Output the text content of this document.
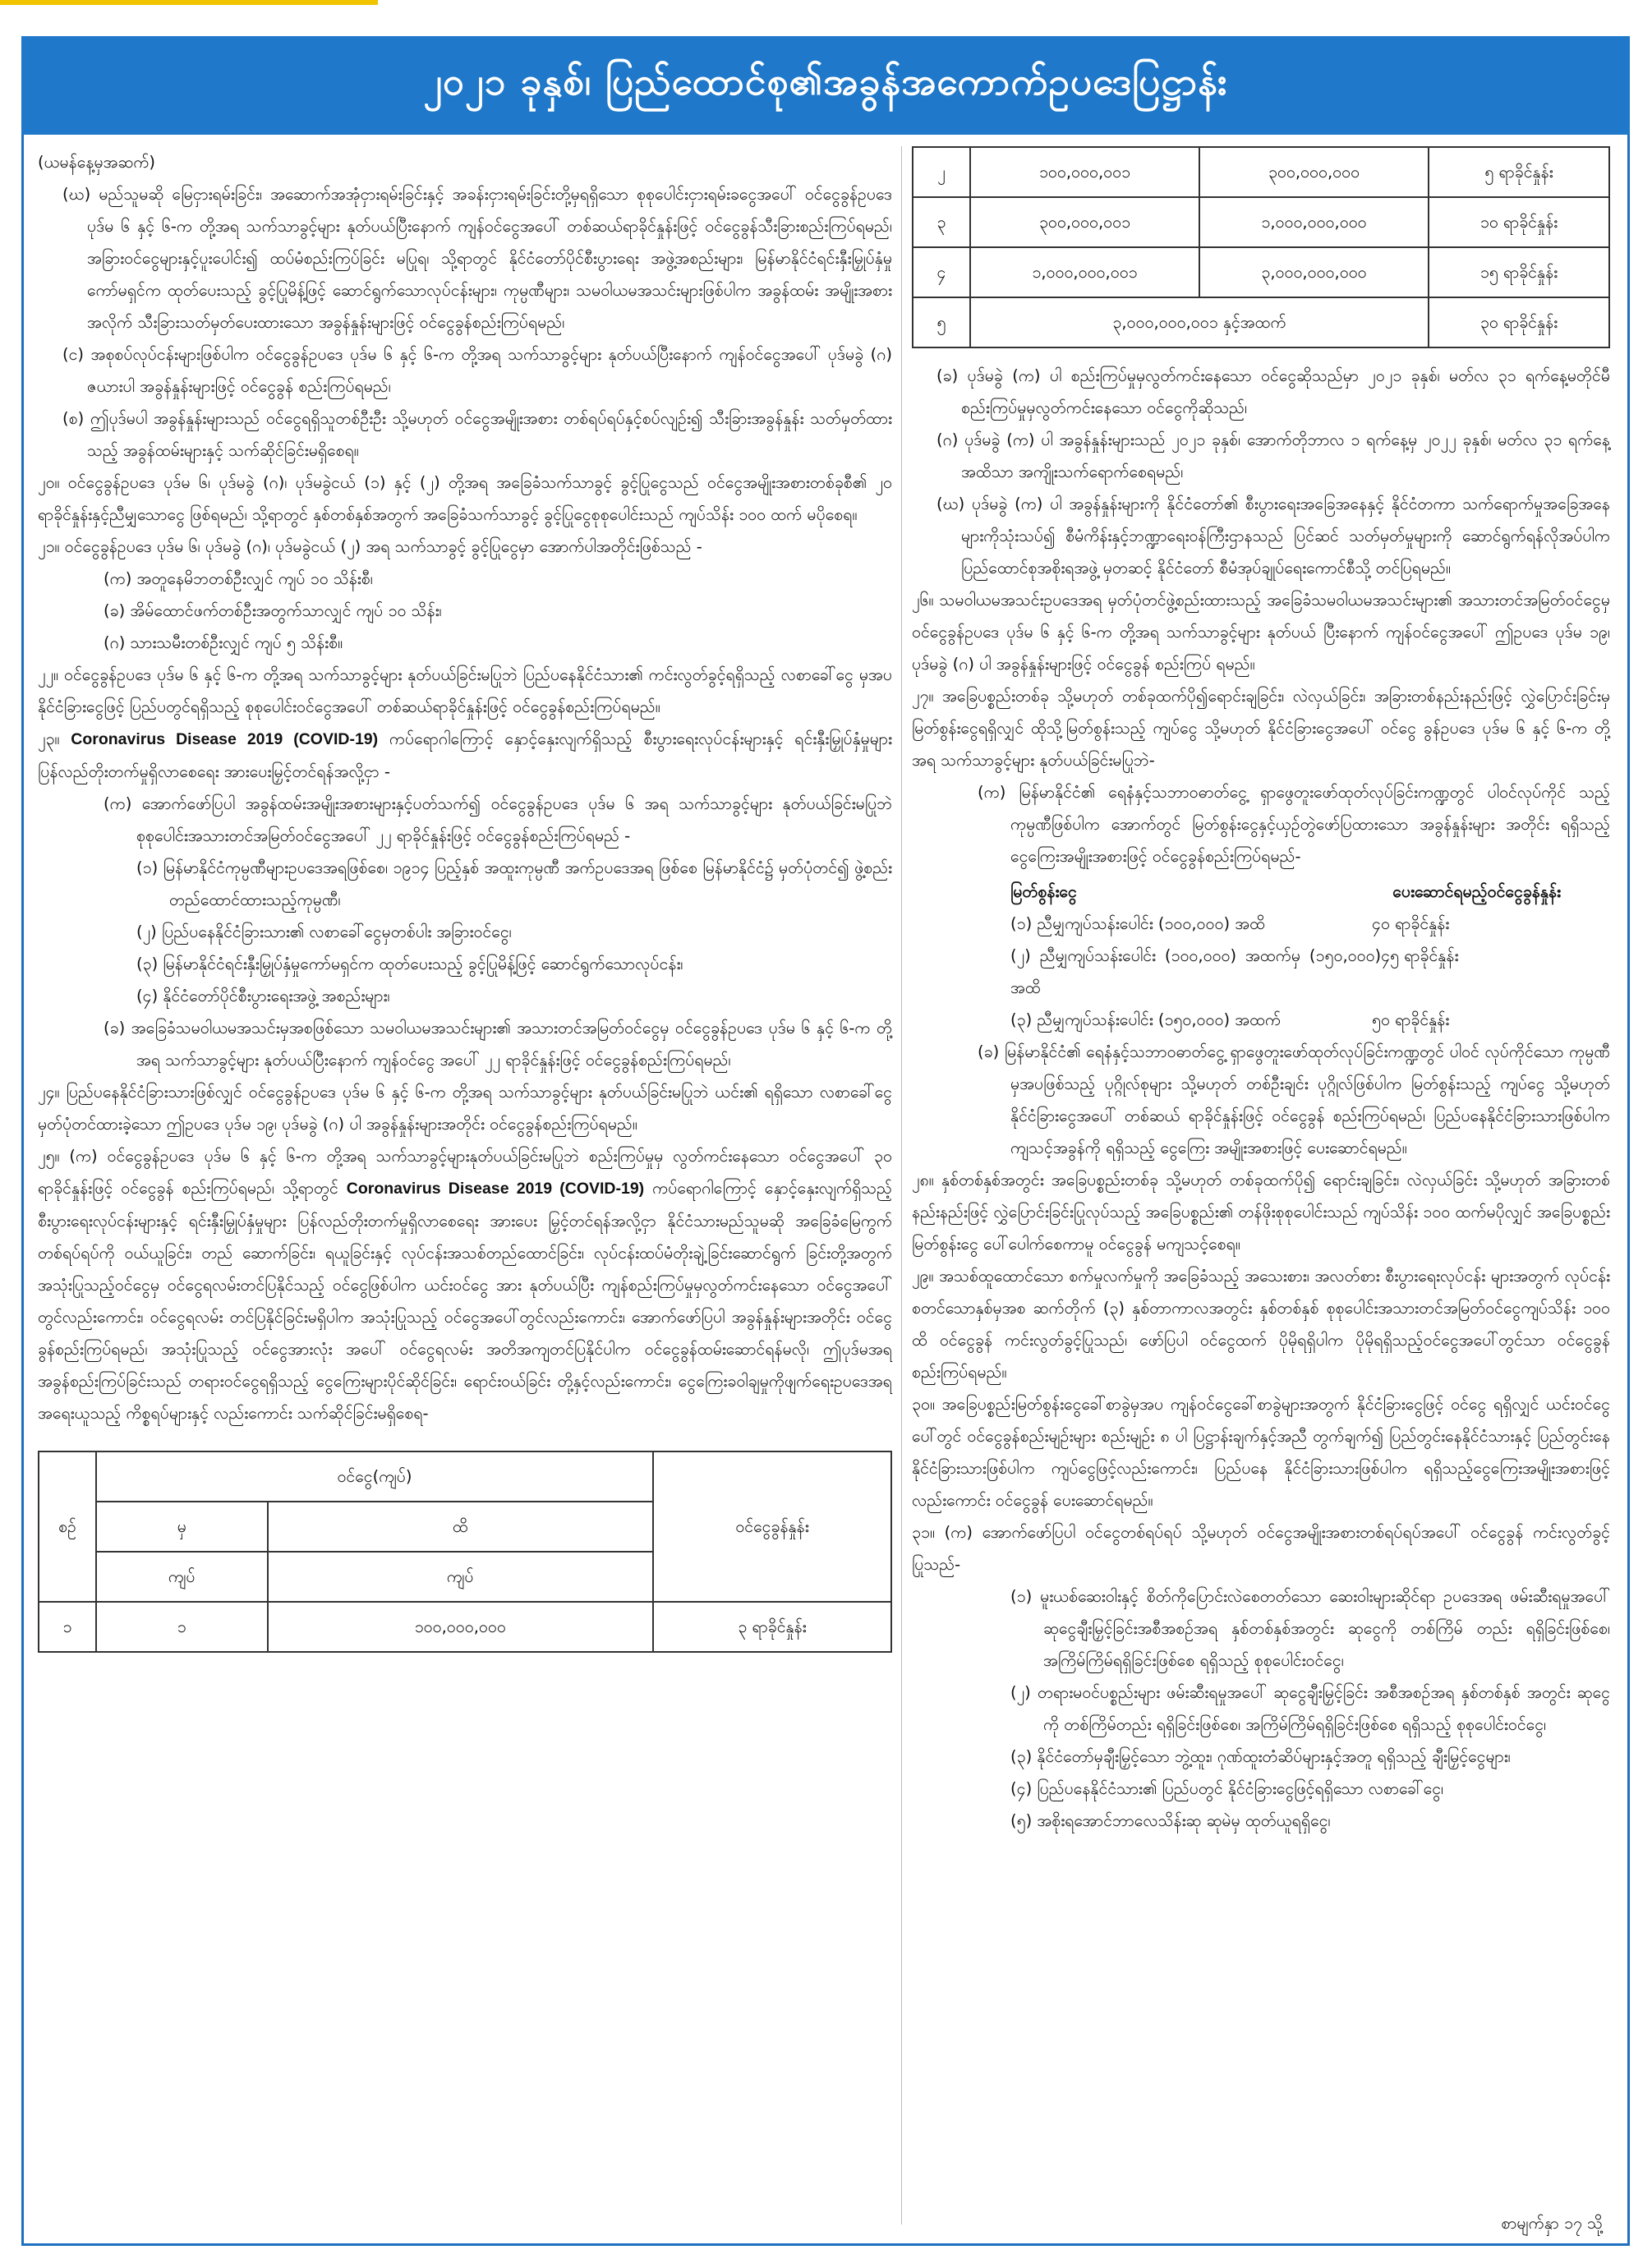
၂၀၂၁ ခုနှစ်၊ ပြည်ထောင်စု၏အခွန်အကောက်ဥပဒေပြဋ္ဌာန်း

(ယမန်နေ့မှအဆက်)

(ဃ) မည်သူမဆို မြေငှားရမ်းခြင်း၊ အဆောက်အအုံငှားရမ်းခြင်းနှင့် အခန်းငှားရမ်းခြင်းတို့မှရရှိသော စုစုပေါင်းငှားရမ်းခငွေအပေါ် ဝင်ငွေခွန်ဥပဒေ ပုဒ်မ ၆ နှင့် ၆-က တို့အရ သက်သာခွင့်များ နုတ်ပယ်ပြီးနောက် ကျန်ဝင်ငွေအပေါ် တစ်ဆယ်ရာခိုင်နှုန်းဖြင့် ဝင်ငွေခွန်သီးခြားစည်းကြပ်ရမည်၊ အခြားဝင်ငွေများနှင့်ပူးပေါင်း၍ ထပ်မံစည်းကြပ်ခြင်း မပြုရ၊ သို့ရာတွင် နိုင်ငံတော်ပိုင်စီးပွားရေး အဖွဲ့အစည်းများ၊ မြန်မာနိုင်ငံရင်းနှီးမြှုပ်နှံမှုကော်မရှင်က ထုတ်ပေးသည့် ခွင့်ပြုမိန့်ဖြင့် ဆောင်ရွက်သောလုပ်ငန်းများ၊ ကုမ္ပဏီများ၊ သမဝါယမအသင်းများဖြစ်ပါက အခွန်ထမ်း အမျိုးအစားအလိုက် သီးခြားသတ်မှတ်ပေးထားသော အခွန်နှုန်းများဖြင့် ဝင်ငွေခွန်စည်းကြပ်ရမည်၊

(င) အစုစပ်လုပ်ငန်းများဖြစ်ပါက ဝင်ငွေခွန်ဥပဒေ ပုဒ်မ ၆ နှင့် ၆-က တို့အရ သက်သာခွင့်များ နုတ်ပယ်ပြီးနောက် ကျန်ဝင်ငွေအပေါ် ပုဒ်မခွဲ (ဂ) ဇယားပါ အခွန်နှုန်းများဖြင့် ဝင်ငွေခွန် စည်းကြပ်ရမည်၊

(စ) ဤပုဒ်မပါ အခွန်နှုန်းများသည် ဝင်ငွေရရှိသူတစ်ဦးဦး သို့မဟုတ် ဝင်ငွေအမျိုးအစား တစ်ရပ်ရပ်နှင့်စပ်လျဉ်း၍ သီးခြားအခွန်နှုန်း သတ်မှတ်ထားသည့် အခွန်ထမ်းများနှင့် သက်ဆိုင်ခြင်းမရှိစေရ။

၂၀။ ဝင်ငွေခွန်ဥပဒေ ပုဒ်မ ၆၊ ပုဒ်မခွဲ (ဂ)၊ ပုဒ်မခွဲငယ် (၁) နှင့် (၂) တို့အရ အခြေခံသက်သာခွင့် ခွင့်ပြုငွေသည် ဝင်ငွေအမျိုးအစားတစ်ခုစီ၏ ၂၀ ရာခိုင်နှုန်းနှင့်ညီမျှသောငွေ ဖြစ်ရမည်၊ သို့ရာတွင် နှစ်တစ်နှစ်အတွက် အခြေခံသက်သာခွင့် ခွင့်ပြုငွေစုစုပေါင်းသည် ကျပ်သိန်း ၁၀၀ ထက် မပိုစေရ။

၂၁။ ဝင်ငွေခွန်ဥပဒေ ပုဒ်မ ၆၊ ပုဒ်မခွဲ (ဂ)၊ ပုဒ်မခွဲငယ် (၂) အရ သက်သာခွင့် ခွင့်ပြုငွေမှာ အောက်ပါအတိုင်းဖြစ်သည် -

(က) အတူနေမိဘတစ်ဦးလျှင် ကျပ် ၁၀ သိန်းစီ၊

(ခ) အိမ်ထောင်ဖက်တစ်ဦးအတွက်သာလျှင် ကျပ် ၁၀ သိန်း၊

(ဂ) သားသမီးတစ်ဦးလျှင် ကျပ် ၅ သိန်းစီ။

၂၂။ ဝင်ငွေခွန်ဥပဒေ ပုဒ်မ ၆ နှင့် ၆-က တို့အရ သက်သာခွင့်များ နုတ်ပယ်ခြင်းမပြုဘဲ ပြည်ပနေနိုင်ငံသား၏ ကင်းလွတ်ခွင့်ရရှိသည့် လစာခေါ်ငွေ မှအပ နိုင်ငံခြားငွေဖြင့် ပြည်ပတွင်ရရှိသည့် စုစုပေါင်းဝင်ငွေအပေါ် တစ်ဆယ်ရာခိုင်နှုန်းဖြင့် ဝင်ငွေခွန်စည်းကြပ်ရမည်။

၂၃။ Coronavirus Disease 2019 (COVID-19) ကပ်ရောဂါကြောင့် နှောင့်နှေးလျက်ရှိသည့် စီးပွားရေးလုပ်ငန်းများနှင့် ရင်းနှီးမြှုပ်နှံမှုများ ပြန်လည်တိုးတက်မှုရှိလာစေရေး အားပေးမြှင့်တင်ရန်အလို့ငှာ -

(က) အောက်ဖော်ပြပါ အခွန်ထမ်းအမျိုးအစားများနှင့်ပတ်သက်၍ ဝင်ငွေခွန်ဥပဒေ ပုဒ်မ ၆ အရ သက်သာခွင့်များ နုတ်ပယ်ခြင်းမပြုဘဲ စုစုပေါင်းအသားတင်အမြတ်ဝင်ငွေအပေါ် ၂၂ ရာခိုင်နှုန်းဖြင့် ဝင်ငွေခွန်စည်းကြပ်ရမည် -

(၁) မြန်မာနိုင်ငံကုမ္ပဏီများဥပဒေအရဖြစ်စေ၊ ၁၉၁၄ ပြည့်နှစ် အထူးကုမ္ပဏီ အက်ဥပဒေအရ ဖြစ်စေ မြန်မာနိုင်ငံ၌ မှတ်ပုံတင်၍ ဖွဲ့စည်းတည်ထောင်ထားသည့်ကုမ္ပဏီ၊

(၂) ပြည်ပနေနိုင်ငံခြားသား၏ လစာခေါ်ငွေမှတစ်ပါး အခြားဝင်ငွေ၊

(၃) မြန်မာနိုင်ငံရင်းနှီးမြှုပ်နှံမှုကော်မရှင်က ထုတ်ပေးသည့် ခွင့်ပြုမိန့်ဖြင့် ဆောင်ရွက်သောလုပ်ငန်း၊

(၄) နိုင်ငံတော်ပိုင်စီးပွားရေးအဖွဲ့ အစည်းများ၊

(ခ) အခြေခံသမဝါယမအသင်းမှအစဖြစ်သော သမဝါယမအသင်းများ၏ အသားတင်အမြတ်ဝင်ငွေမှ ဝင်ငွေခွန်ဥပဒေ ပုဒ်မ ၆ နှင့် ၆-က တို့အရ သက်သာခွင့်များ နုတ်ပယ်ပြီးနောက် ကျန်ဝင်ငွေ အပေါ် ၂၂ ရာခိုင်နှုန်းဖြင့် ဝင်ငွေခွန်စည်းကြပ်ရမည်၊

၂၄။ ပြည်ပနေနိုင်ငံခြားသားဖြစ်လျှင် ဝင်ငွေခွန်ဥပဒေ ပုဒ်မ ၆ နှင့် ၆-က တို့အရ သက်သာခွင့်များ နုတ်ပယ်ခြင်းမပြုဘဲ ယင်း၏ ရရှိသော လစာခေါ်ငွေမှတ်ပုံတင်ထားခဲ့သော ဤဥပဒေ ပုဒ်မ ၁၉၊ ပုဒ်မခွဲ (ဂ) ပါ အခွန်နှုန်းများအတိုင်း ဝင်ငွေခွန်စည်းကြပ်ရမည်။

၂၅။ (က) ဝင်ငွေခွန်ဥပဒေ ပုဒ်မ ၆ နှင့် ၆-က တို့အရ သက်သာခွင့်များနုတ်ပယ်ခြင်းမပြုဘဲ စည်းကြပ်မှုမှ လွတ်ကင်းနေသော ဝင်ငွေအပေါ် ၃၀ ရာခိုင်နှုန်းဖြင့် ဝင်ငွေခွန် စည်းကြပ်ရမည်၊ သို့ရာတွင် Coronavirus Disease 2019 (COVID-19) ကပ်ရောဂါကြောင့် နှောင့်နှေးလျက်ရှိသည့် စီးပွားရေးလုပ်ငန်းများနှင့် ရင်းနှီးမြှုပ်နှံမှုများ ပြန်လည်တိုးတက်မှုရှိလာစေရေး အားပေး မြှင့်တင်ရန်အလို့ငှာ နိုင်ငံသားမည်သူမဆို အခြေခံမြေကွက်တစ်ရပ်ရပ်ကို ဝယ်ယူခြင်း၊ တည် ဆောက်ခြင်း၊ ရယူခြင်းနှင့် လုပ်ငန်းအသစ်တည်ထောင်ခြင်း၊ လုပ်ငန်းထပ်မံတိုးချဲ့ခြင်းဆောင်ရွက် ခြင်းတို့အတွက် အသုံးပြုသည့်ဝင်ငွေမှ ဝင်ငွေရလမ်းတင်ပြနိုင်သည့် ဝင်ငွေဖြစ်ပါက ယင်းဝင်ငွေ အား နုတ်ပယ်ပြီး ကျန်စည်းကြပ်မှုမှလွတ်ကင်းနေသော ဝင်ငွေအပေါ်တွင်လည်းကောင်း၊ ဝင်ငွေရလမ်း တင်ပြနိုင်ခြင်းမရှိပါက အသုံးပြုသည့် ဝင်ငွေအပေါ်တွင်လည်းကောင်း၊ အောက်ဖော်ပြပါ အခွန်နှုန်းများအတိုင်း ဝင်ငွေခွန်စည်းကြပ်ရမည်၊ အသုံးပြုသည့် ဝင်ငွေအားလုံး အပေါ် ဝင်ငွေရလမ်း အတိအကျတင်ပြနိုင်ပါက ဝင်ငွေခွန်ထမ်းဆောင်ရန်မလို၊ ဤပုဒ်မအရ အခွန်စည်းကြပ်ခြင်းသည် တရားဝင်ငွေရရှိသည့် ငွေကြေးများပိုင်ဆိုင်ခြင်း၊ ရောင်းဝယ်ခြင်း တို့နှင့်လည်းကောင်း၊ ငွေကြေးခဝါချမှုကိုဖျက်ရေးဥပဒေအရ အရေးယူသည့် ကိစ္စရပ်များနှင့် လည်းကောင်း သက်ဆိုင်ခြင်းမရှိစေရ-

စဉ်	ဝင်ငွေ(ကျပ်)		ဝင်ငွေခွန်နှုန်း
	မှ	ထိ	
	ကျပ်	ကျပ်	
၁	၁	၁၀၀,၀၀၀,၀၀၀	၃ ရာခိုင်နှုန်း
၂	၁၀၀,၀၀၀,၀၀၁	၃၀၀,၀၀၀,၀၀၀	၅ ရာခိုင်နှုန်း
၃	၃၀၀,၀၀၀,၀၀၁	၁,၀၀၀,၀၀၀,၀၀၀	၁၀ ရာခိုင်နှုန်း
၄	၁,၀၀၀,၀၀၀,၀၀၁	၃,၀၀၀,၀၀၀,၀၀၀	၁၅ ရာခိုင်နှုန်း
၅	၃,၀၀၀,၀၀၀,၀၀၁ နှင့်အထက်		၃၀ ရာခိုင်နှုန်း

(ခ) ပုဒ်မခွဲ (က) ပါ စည်းကြပ်မှုမှလွတ်ကင်းနေသော ဝင်ငွေဆိုသည်မှာ ၂၀၂၁ ခုနှစ်၊ မတ်လ ၃၁ ရက်နေ့မတိုင်မီ စည်းကြပ်မှုမှလွတ်ကင်းနေသော ဝင်ငွေကိုဆိုသည်၊

(ဂ) ပုဒ်မခွဲ (က) ပါ အခွန်နှုန်းများသည် ၂၀၂၁ ခုနှစ်၊ အောက်တိုဘာလ ၁ ရက်နေ့မှ ၂၀၂၂ ခုနှစ်၊ မတ်လ ၃၁ ရက်နေ့အထိသာ အကျိုးသက်ရောက်စေရမည်၊

(ဃ) ပုဒ်မခွဲ (က) ပါ အခွန်နှုန်းများကို နိုင်ငံတော်၏ စီးပွားရေးအခြေအနေနှင့် နိုင်ငံတကာ သက်ရောက်မှုအခြေအနေများကိုသုံးသပ်၍ စီမံကိန်းနှင့်ဘဏ္ဍာရေးဝန်ကြီးဌာနသည် ပြင်ဆင် သတ်မှတ်မှုများကို ဆောင်ရွက်ရန်လိုအပ်ပါက ပြည်ထောင်စုအစိုးရအဖွဲ့ မှတဆင့် နိုင်ငံတော် စီမံအုပ်ချုပ်ရေးကောင်စီသို့ တင်ပြရမည်။

၂၆။ သမဝါယမအသင်းဥပဒေအရ မှတ်ပုံတင်ဖွဲ့စည်းထားသည့် အခြေခံသမဝါယမအသင်းများ၏ အသားတင်အမြတ်ဝင်ငွေမှ ဝင်ငွေခွန်ဥပဒေ ပုဒ်မ ၆ နှင့် ၆-က တို့အရ သက်သာခွင့်များ နုတ်ပယ် ပြီးနောက် ကျန်ဝင်ငွေအပေါ် ဤဥပဒေ ပုဒ်မ ၁၉၊ ပုဒ်မခွဲ (ဂ) ပါ အခွန်နှုန်းများဖြင့် ဝင်ငွေခွန် စည်းကြပ် ရမည်။

၂၇။ အခြေပစ္စည်းတစ်ခု သို့မဟုတ် တစ်ခုထက်ပို၍ရောင်းချခြင်း၊ လဲလှယ်ခြင်း၊ အခြားတစ်နည်းနည်းဖြင့် လွှဲပြောင်းခြင်းမှ မြတ်စွန်းငွေရရှိလျှင် ထိုသို့မြတ်စွန်းသည့် ကျပ်ငွေ သို့မဟုတ် နိုင်ငံခြားငွေအပေါ် ဝင်ငွေ ခွန်ဥပဒေ ပုဒ်မ ၆ နှင့် ၆-က တို့အရ သက်သာခွင့်များ နုတ်ပယ်ခြင်းမပြုဘဲ-

(က) မြန်မာနိုင်ငံ၏ ရေနံနှင့်သဘာဝဓာတ်ငွေ့ ရှာဖွေတူးဖော်ထုတ်လုပ်ခြင်းကဏ္ဍတွင် ပါဝင်လုပ်ကိုင် သည့် ကုမ္ပဏီဖြစ်ပါက အောက်တွင် မြတ်စွန်းငွေနှင့်ယှဉ်တွဲဖော်ပြထားသော အခွန်နှုန်းများ အတိုင်း ရရှိသည့်ငွေကြေးအမျိုးအစားဖြင့် ဝင်ငွေခွန်စည်းကြပ်ရမည်-

မြတ်စွန်းငွေ	ပေးဆောင်ရမည့်ဝင်ငွေခွန်နှုန်း
(၁) ညီမျှကျပ်သန်းပေါင်း (၁၀၀,၀၀၀) အထိ	၄၀ ရာခိုင်နှုန်း
(၂) ညီမျှကျပ်သန်းပေါင်း (၁၀၀,၀၀၀) အထက်မှ (၁၅၀,၀၀၀) အထိ
၄၅ ရာခိုင်နှုန်း
(၃) ညီမျှကျပ်သန်းပေါင်း (၁၅၀,၀၀၀) အထက်	၅၀ ရာခိုင်နှုန်း

(ခ) မြန်မာနိုင်ငံ၏ ရေနံနှင့်သဘာဝဓာတ်ငွေ့ ရှာဖွေတူးဖော်ထုတ်လုပ်ခြင်းကဏ္ဍတွင် ပါဝင် လုပ်ကိုင်သော ကုမ္ပဏီမှအပဖြစ်သည့် ပုဂ္ဂိုလ်စုများ သို့မဟုတ် တစ်ဦးချင်း ပုဂ္ဂိုလ်ဖြစ်ပါက မြတ်စွန်းသည့် ကျပ်ငွေ သို့မဟုတ် နိုင်ငံခြားငွေအပေါ် တစ်ဆယ် ရာခိုင်နှုန်းဖြင့် ဝင်ငွေခွန် စည်းကြပ်ရမည်၊ ပြည်ပနေနိုင်ငံခြားသားဖြစ်ပါက ကျသင့်အခွန်ကို ရရှိသည့် ငွေကြေး အမျိုးအစားဖြင့် ပေးဆောင်ရမည်။

၂၈။ နှစ်တစ်နှစ်အတွင်း အခြေပစ္စည်းတစ်ခု သို့မဟုတ် တစ်ခုထက်ပို၍ ရောင်းချခြင်း၊ လဲလှယ်ခြင်း သို့မဟုတ် အခြားတစ်နည်းနည်းဖြင့် လွှဲပြောင်းခြင်းပြုလုပ်သည့် အခြေပစ္စည်း၏ တန်ဖိုးစုစုပေါင်းသည် ကျပ်သိန်း ၁၀၀ ထက်မပိုလျှင် အခြေပစ္စည်းမြတ်စွန်းငွေ ပေါ်ပေါက်စေကာမူ ဝင်ငွေခွန် မကျသင့်စေရ။

၂၉။ အသစ်ထူထောင်သော စက်မှုလက်မှုကို အခြေခံသည့် အသေးစား၊ အလတ်စား စီးပွားရေးလုပ်ငန်း များအတွက် လုပ်ငန်းစတင်သောနှစ်မှအစ ဆက်တိုက် (၃) နှစ်တာကာလအတွင်း နှစ်တစ်နှစ် စုစုပေါင်းအသားတင်အမြတ်ဝင်ငွေကျပ်သိန်း ၁၀၀ ထိ ဝင်ငွေခွန် ကင်းလွတ်ခွင့်ပြုသည်၊ ဖော်ပြပါ ဝင်ငွေထက် ပိုမိုရရှိပါက ပိုမိုရရှိသည့်ဝင်ငွေအပေါ်တွင်သာ ဝင်ငွေခွန်စည်းကြပ်ရမည်။

၃၀။ အခြေပစ္စည်းမြတ်စွန်းငွေခေါ်စာခွဲမှအပ ကျန်ဝင်ငွေခေါ်စာခွဲများအတွက် နိုင်ငံခြားငွေဖြင့် ဝင်ငွေ ရရှိလျှင် ယင်းဝင်ငွေပေါ်တွင် ဝင်ငွေခွန်စည်းမျဉ်းများ စည်းမျဉ်း ၈ ပါ ပြဋ္ဌာန်းချက်နှင့်အညီ တွက်ချက်၍ ပြည်တွင်းနေနိုင်ငံသားနှင့် ပြည်တွင်းနေနိုင်ငံခြားသားဖြစ်ပါက ကျပ်ငွေဖြင့်လည်းကောင်း၊ ပြည်ပနေ နိုင်ငံခြားသားဖြစ်ပါက ရရှိသည့်ငွေကြေးအမျိုးအစားဖြင့်လည်းကောင်း ဝင်ငွေခွန် ပေးဆောင်ရမည်။

၃၁။ (က) အောက်ဖော်ပြပါ ဝင်ငွေတစ်ရပ်ရပ် သို့မဟုတ် ဝင်ငွေအမျိုးအစားတစ်ရပ်ရပ်အပေါ် ဝင်ငွေခွန် ကင်းလွတ်ခွင့်ပြုသည်-

(၁) မူးယစ်ဆေးဝါးနှင့် စိတ်ကိုပြောင်းလဲစေတတ်သော ဆေးဝါးများဆိုင်ရာ ဥပဒေအရ ဖမ်းဆီးရမှုအပေါ် ဆုငွေချီးမြှင့်ခြင်းအစီအစဉ်အရ နှစ်တစ်နှစ်အတွင်း ဆုငွေကို တစ်ကြိမ် တည်း ရရှိခြင်းဖြစ်စေ၊ အကြိမ်ကြိမ်ရရှိခြင်းဖြစ်စေ ရရှိသည့် စုစုပေါင်းဝင်ငွေ၊

(၂) တရားမဝင်ပစ္စည်းများ ဖမ်းဆီးရမှုအပေါ် ဆုငွေချီးမြှင့်ခြင်း အစီအစဉ်အရ နှစ်တစ်နှစ် အတွင်း ဆုငွေကို တစ်ကြိမ်တည်း ရရှိခြင်းဖြစ်စေ၊ အကြိမ်ကြိမ်ရရှိခြင်းဖြစ်စေ ရရှိသည့် စုစုပေါင်းဝင်ငွေ၊

(၃) နိုင်ငံတော်မှချီးမြှင့်သော ဘွဲ့ထူး၊ ဂုဏ်ထူးတံဆိပ်များနှင့်အတူ ရရှိသည့် ချီးမြှင့်ငွေများ၊

(၄) ပြည်ပနေနိုင်ငံသား၏ ပြည်ပတွင် နိုင်ငံခြားငွေဖြင့်ရရှိသော လစာခေါ်ငွေ၊

(၅) အစိုးရအောင်ဘာလေသိန်းဆု ဆုမဲမှ ထုတ်ယူရရှိငွေ၊

စာမျက်နှာ ၁၇ သို့
